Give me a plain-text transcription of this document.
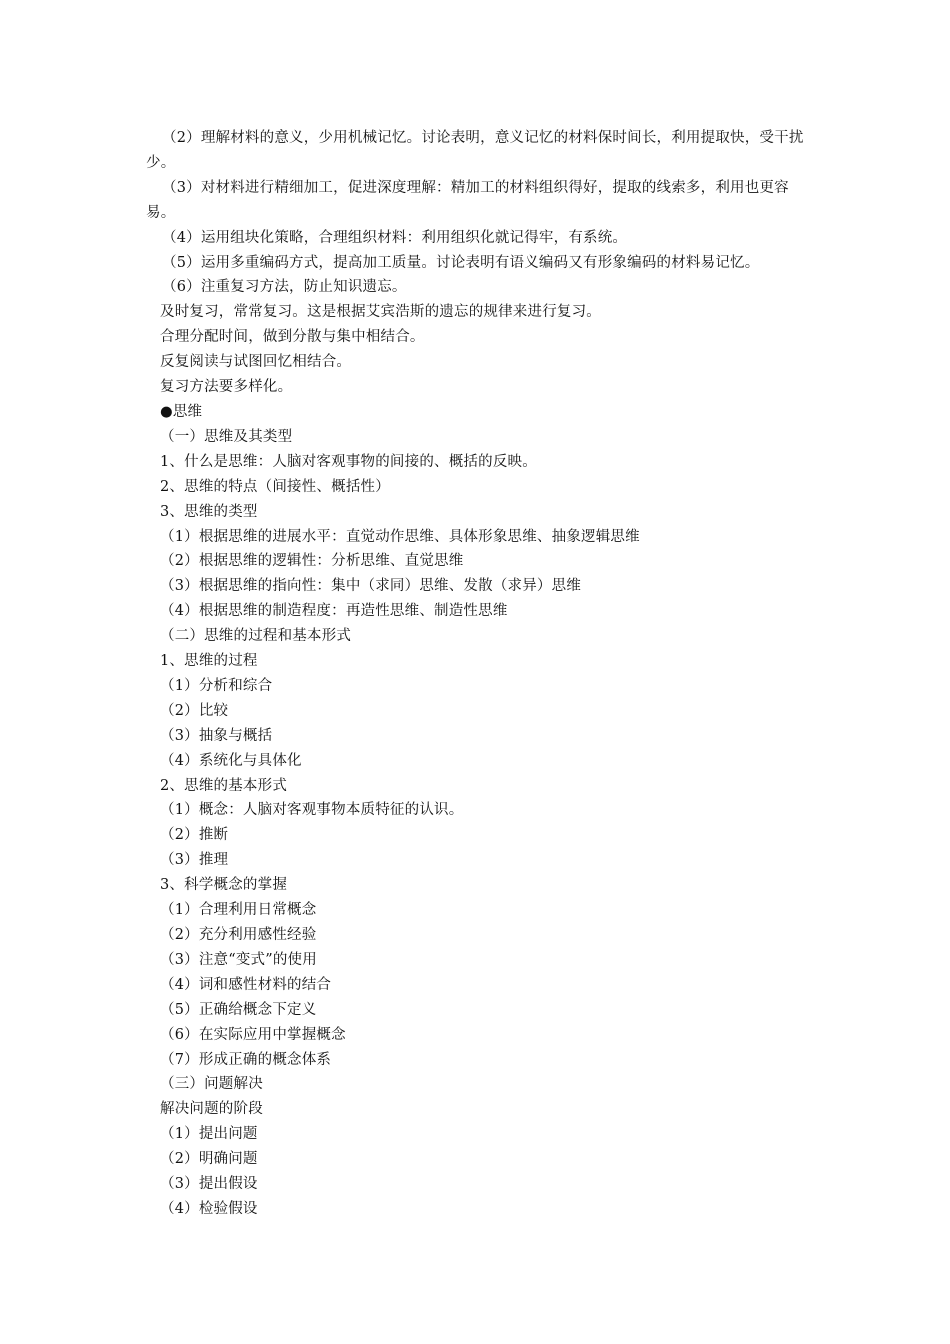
（2）理解材料的意义，少用机械记忆。讨论表明，意义记忆的材料保时间长，利用提取快，受干扰少。

（3）对材料进行精细加工，促进深度理解：精加工的材料组织得好，提取的线索多，利用也更容易。

（4）运用组块化策略，合理组织材料：利用组织化就记得牢，有系统。

（5）运用多重编码方式，提高加工质量。讨论表明有语义编码又有形象编码的材料易记忆。

（6）注重复习方法，防止知识遗忘。

及时复习，常常复习。这是根据艾宾浩斯的遗忘的规律来进行复习。

合理分配时间，做到分散与集中相结合。

反复阅读与试图回忆相结合。

复习方法要多样化。

●思维

（一）思维及其类型

1、什么是思维：人脑对客观事物的间接的、概括的反映。

2、思维的特点（间接性、概括性）

3、思维的类型

（1）根据思维的进展水平：直觉动作思维、具体形象思维、抽象逻辑思维

（2）根据思维的逻辑性：分析思维、直觉思维

（3）根据思维的指向性：集中（求同）思维、发散（求异）思维

（4）根据思维的制造程度：再造性思维、制造性思维

（二）思维的过程和基本形式

1、思维的过程

（1）分析和综合

（2）比较

（3）抽象与概括

（4）系统化与具体化

2、思维的基本形式

（1）概念：人脑对客观事物本质特征的认识。

（2）推断

（3）推理

3、科学概念的掌握

（1）合理利用日常概念

（2）充分利用感性经验

（3）注意“变式”的使用

（4）词和感性材料的结合

（5）正确给概念下定义

（6）在实际应用中掌握概念

（7）形成正确的概念体系

（三）问题解决

解决问题的阶段

（1）提出问题

（2）明确问题

（3）提出假设

（4）检验假设
